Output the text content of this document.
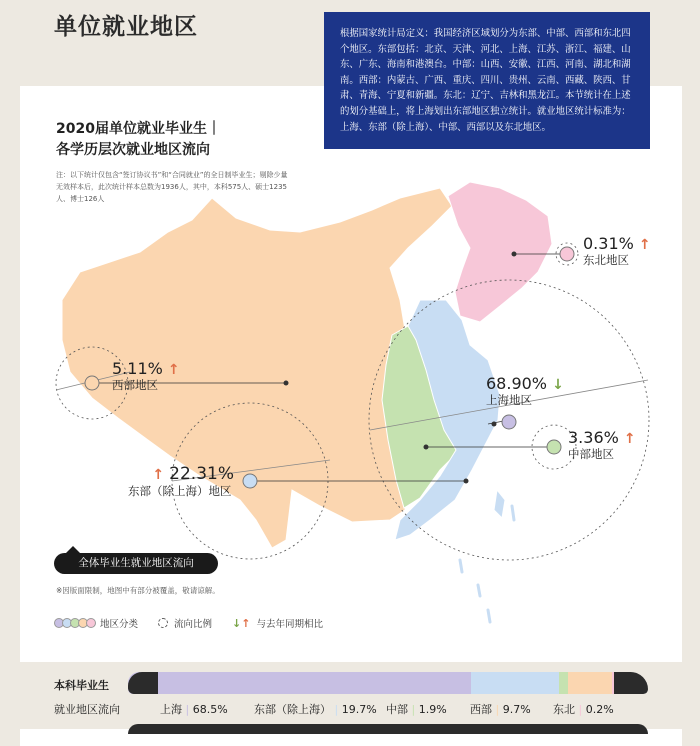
单位就业地区	根据国家统计局定义：我国经济区域划分为东部、中部、西部和东北四个地区。东部包括：北京、天津、河北、上海、江苏、浙江、福建、山东、广东、海南和港澳台。中部：山西、安徽、江西、河南、湖北和湖南。西部：内蒙古、广西、重庆、四川、贵州、云南、西藏、陕西、甘肃、青海、宁夏和新疆。东北：辽宁、吉林和黑龙江。本节统计在上述的划分基础上，将上海划出东部地区独立统计。就业地区统计标准为：上海、东部（除上海）、中部、西部以及东北地区。
2020届单位就业毕业生｜
各学历层次就业地区流向
注：以下统计仅包含“签订协议书”和“合同就业”的全日制毕业生；剔除少量无效样本后，此次统计样本总数为1936人，其中，本科575人、硕士1235人、博士126人
0.31% ↑
东北地区
5.11% ↑
西部地区	68.90% ↓
上海地区
3.36% ↑
中部地区
↑ 22.31%
东部（除上海）地区
全体毕业生就业地区流向
※因版面限制，地图中有部分被覆盖，敬请谅解。
地区分类	流向比例 ↓↑ 与去年同期相比
本科毕业生
就业地区流向	上海 | 68.5% 东部（除上海） | 19.7% 中部 | 1.9% 西部 | 9.7% 东北 | 0.2%
